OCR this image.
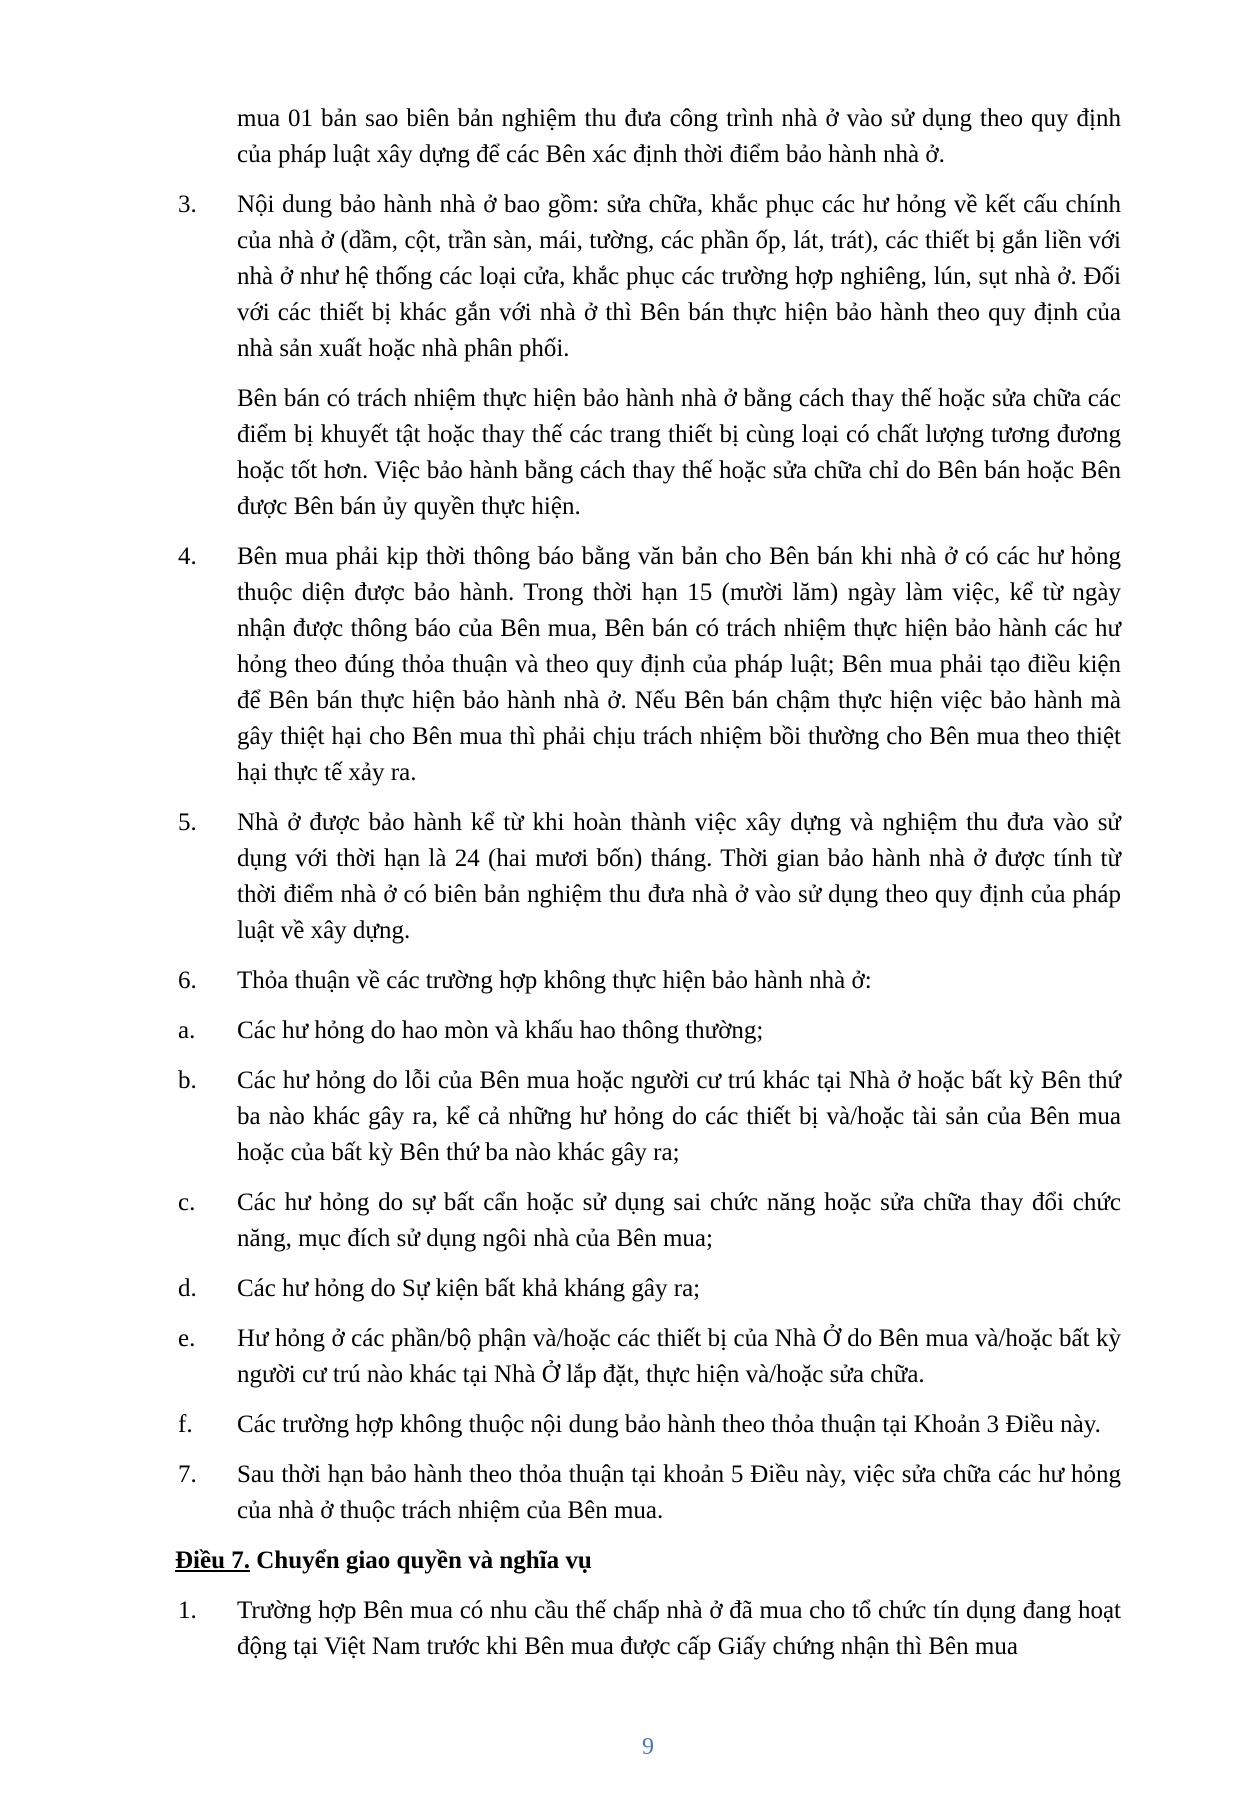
mua 01 bản sao biên bản nghiệm thu đưa công trình nhà ở vào sử dụng theo quy định của pháp luật xây dựng để các Bên xác định thời điểm bảo hành nhà ở.
3. Nội dung bảo hành nhà ở bao gồm: sửa chữa, khắc phục các hư hỏng về kết cấu chính của nhà ở (dầm, cột, trần sàn, mái, tường, các phần ốp, lát, trát), các thiết bị gắn liền với nhà ở như hệ thống các loại cửa, khắc phục các trường hợp nghiêng, lún, sụt nhà ở. Đối với các thiết bị khác gắn với nhà ở thì Bên bán thực hiện bảo hành theo quy định của nhà sản xuất hoặc nhà phân phối.
Bên bán có trách nhiệm thực hiện bảo hành nhà ở bằng cách thay thế hoặc sửa chữa các điểm bị khuyết tật hoặc thay thế các trang thiết bị cùng loại có chất lượng tương đương hoặc tốt hơn. Việc bảo hành bằng cách thay thế hoặc sửa chữa chỉ do Bên bán hoặc Bên được Bên bán ủy quyền thực hiện.
4. Bên mua phải kịp thời thông báo bằng văn bản cho Bên bán khi nhà ở có các hư hỏng thuộc diện được bảo hành. Trong thời hạn 15 (mười lăm) ngày làm việc, kể từ ngày nhận được thông báo của Bên mua, Bên bán có trách nhiệm thực hiện bảo hành các hư hỏng theo đúng thỏa thuận và theo quy định của pháp luật; Bên mua phải tạo điều kiện để Bên bán thực hiện bảo hành nhà ở. Nếu Bên bán chậm thực hiện việc bảo hành mà gây thiệt hại cho Bên mua thì phải chịu trách nhiệm bồi thường cho Bên mua theo thiệt hại thực tế xảy ra.
5. Nhà ở được bảo hành kể từ khi hoàn thành việc xây dựng và nghiệm thu đưa vào sử dụng với thời hạn là 24 (hai mươi bốn) tháng. Thời gian bảo hành nhà ở được tính từ thời điểm nhà ở có biên bản nghiệm thu đưa nhà ở vào sử dụng theo quy định của pháp luật về xây dựng.
6. Thỏa thuận về các trường hợp không thực hiện bảo hành nhà ở:
a. Các hư hỏng do hao mòn và khấu hao thông thường;
b. Các hư hỏng do lỗi của Bên mua hoặc người cư trú khác tại Nhà ở hoặc bất kỳ Bên thứ ba nào khác gây ra, kể cả những hư hỏng do các thiết bị và/hoặc tài sản của Bên mua hoặc của bất kỳ Bên thứ ba nào khác gây ra;
c. Các hư hỏng do sự bất cẩn hoặc sử dụng sai chức năng hoặc sửa chữa thay đổi chức năng, mục đích sử dụng ngôi nhà của Bên mua;
d. Các hư hỏng do Sự kiện bất khả kháng gây ra;
e. Hư hỏng ở các phần/bộ phận và/hoặc các thiết bị của Nhà Ở do Bên mua và/hoặc bất kỳ người cư trú nào khác tại Nhà Ở lắp đặt, thực hiện và/hoặc sửa chữa.
f. Các trường hợp không thuộc nội dung bảo hành theo thỏa thuận tại Khoản 3 Điều này.
7. Sau thời hạn bảo hành theo thỏa thuận tại khoản 5 Điều này, việc sửa chữa các hư hỏng của nhà ở thuộc trách nhiệm của Bên mua.
Điều 7. Chuyển giao quyền và nghĩa vụ
1. Trường hợp Bên mua có nhu cầu thế chấp nhà ở đã mua cho tổ chức tín dụng đang hoạt động tại Việt Nam trước khi Bên mua được cấp Giấy chứng nhận thì Bên mua
9
